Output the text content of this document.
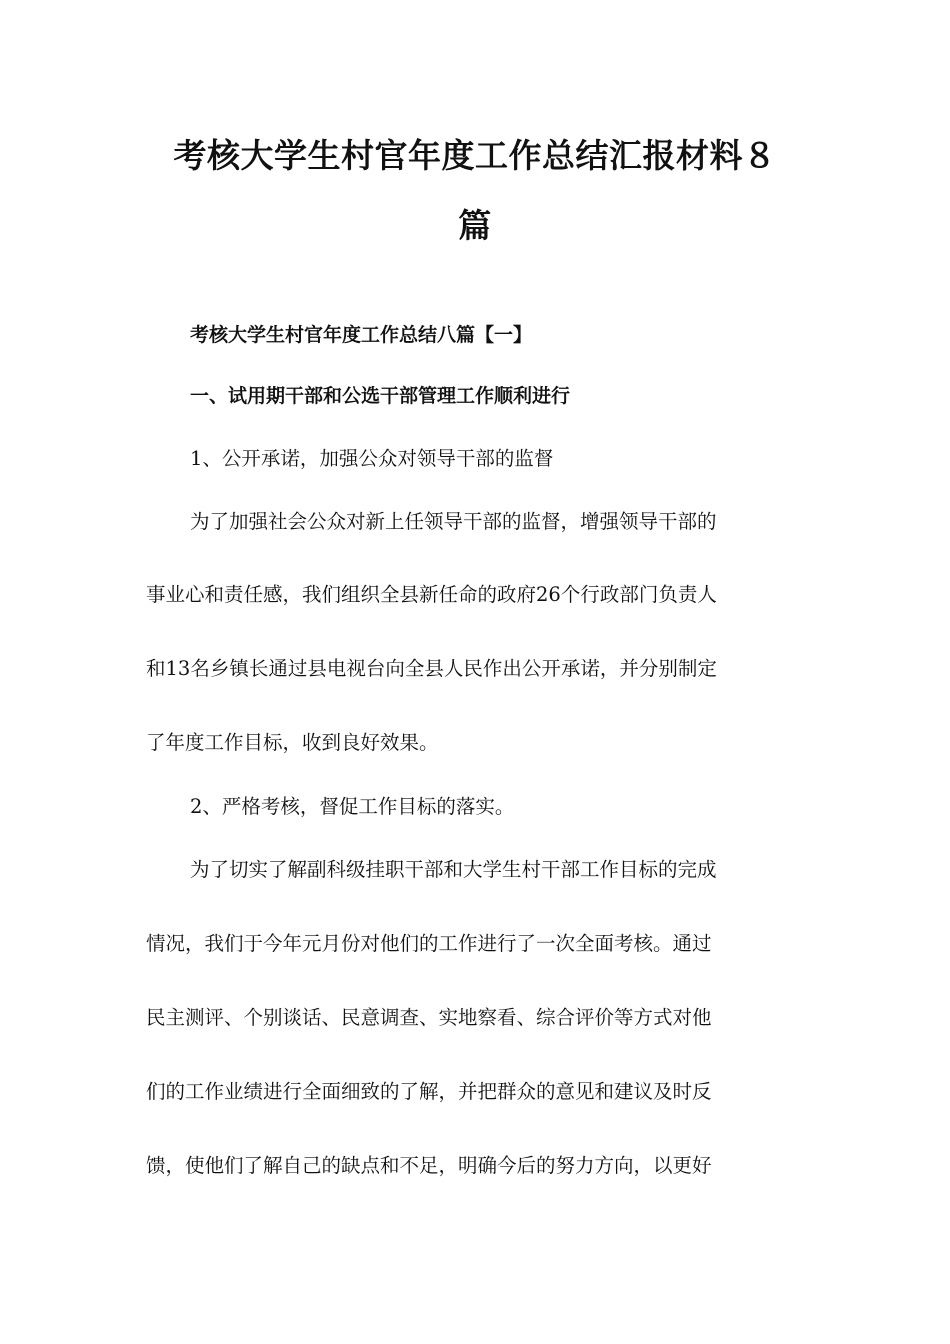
考核大学生村官年度工作总结汇报材料８
篇
考核大学生村官年度工作总结八篇【一】
一、试用期干部和公选干部管理工作顺利进行
1、公开承诺，加强公众对领导干部的监督
为了加强社会公众对新上任领导干部的监督，增强领导干部的
事业心和责任感，我们组织全县新任命的政府26个行政部门负责人
和13名乡镇长通过县电视台向全县人民作出公开承诺，并分别制定
了年度工作目标，收到良好效果。
2、严格考核，督促工作目标的落实。
为了切实了解副科级挂职干部和大学生村干部工作目标的完成
情况，我们于今年元月份对他们的工作进行了一次全面考核。通过
民主测评、个别谈话、民意调查、实地察看、综合评价等方式对他
们的工作业绩进行全面细致的了解，并把群众的意见和建议及时反
馈，使他们了解自己的缺点和不足，明确今后的努力方向，以更好
